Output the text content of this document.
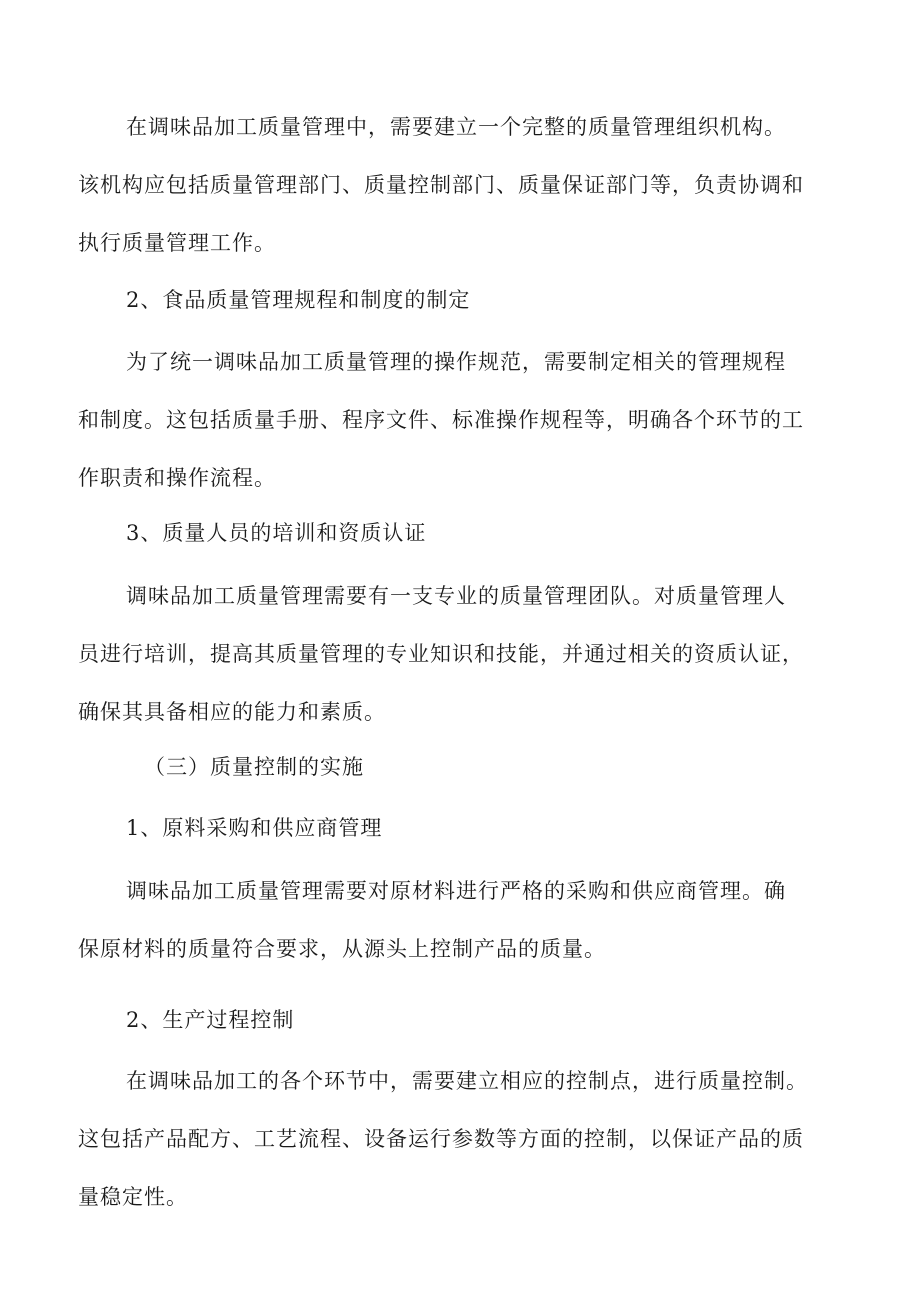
在调味品加工质量管理中，需要建立一个完整的质量管理组织机构。
该机构应包括质量管理部门、质量控制部门、质量保证部门等，负责协调和
执行质量管理工作。
2、食品质量管理规程和制度的制定
为了统一调味品加工质量管理的操作规范，需要制定相关的管理规程
和制度。这包括质量手册、程序文件、标准操作规程等，明确各个环节的工
作职责和操作流程。
3、质量人员的培训和资质认证
调味品加工质量管理需要有一支专业的质量管理团队。对质量管理人
员进行培训，提高其质量管理的专业知识和技能，并通过相关的资质认证，
确保其具备相应的能力和素质。
（三）质量控制的实施
1、原料采购和供应商管理
调味品加工质量管理需要对原材料进行严格的采购和供应商管理。确
保原材料的质量符合要求，从源头上控制产品的质量。
2、生产过程控制
在调味品加工的各个环节中，需要建立相应的控制点，进行质量控制。
这包括产品配方、工艺流程、设备运行参数等方面的控制，以保证产品的质
量稳定性。
